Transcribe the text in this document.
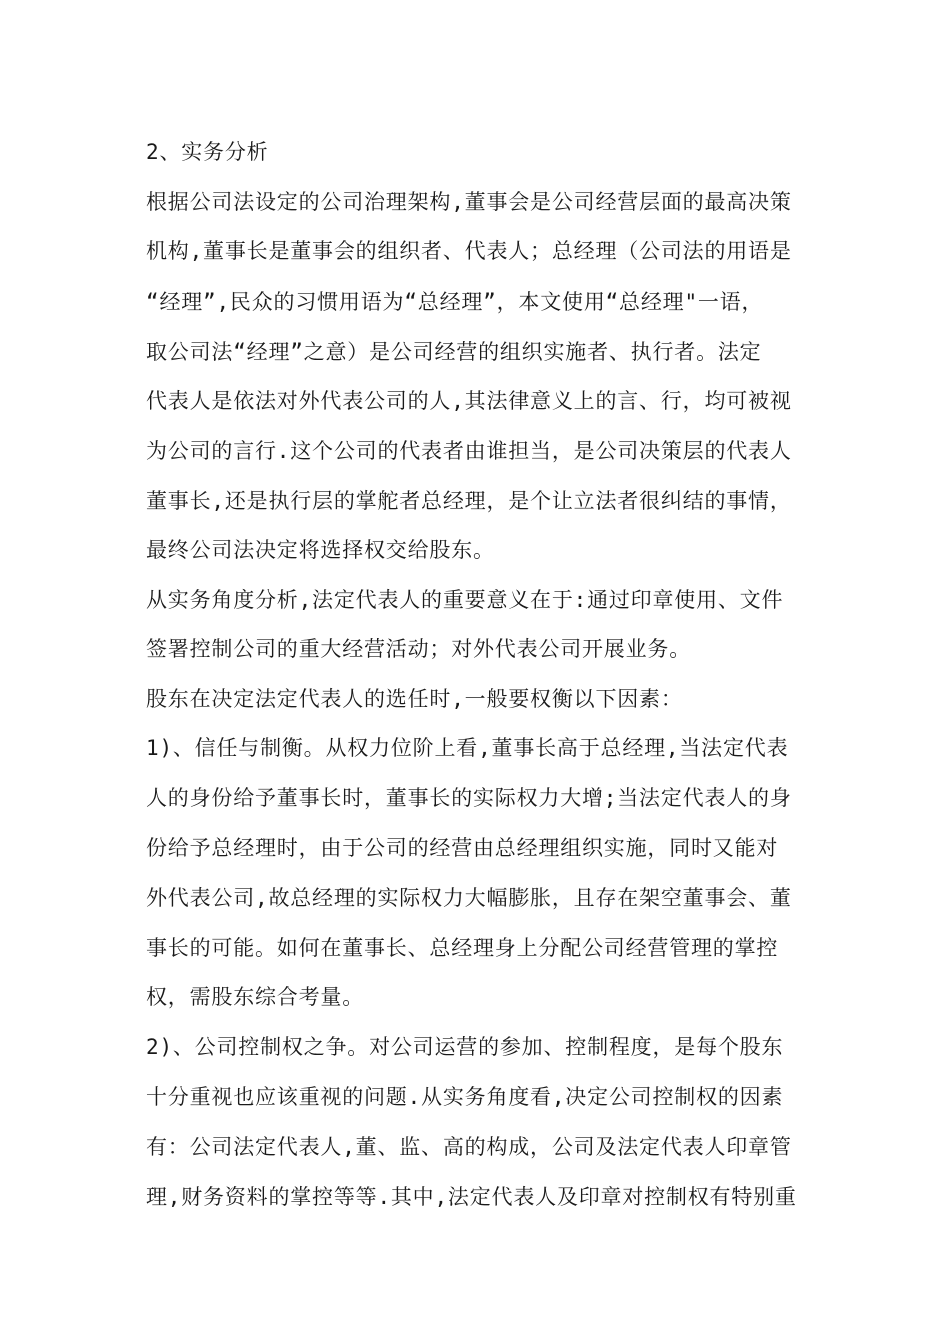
2、实务分析
根据公司法设定的公司治理架构,董事会是公司经营层面的最高决策
机构,董事长是董事会的组织者、代表人；总经理（公司法的用语是
“经理”,民众的习惯用语为“总经理”，本文使用“总经理"一语，
取公司法“经理”之意）是公司经营的组织实施者、执行者。法定
代表人是依法对外代表公司的人,其法律意义上的言、行，均可被视
为公司的言行.这个公司的代表者由谁担当，是公司决策层的代表人
董事长,还是执行层的掌舵者总经理，是个让立法者很纠结的事情，
最终公司法决定将选择权交给股东。
从实务角度分析,法定代表人的重要意义在于:通过印章使用、文件
签署控制公司的重大经营活动；对外代表公司开展业务。
股东在决定法定代表人的选任时,一般要权衡以下因素：
1)、信任与制衡。从权力位阶上看,董事长高于总经理,当法定代表
人的身份给予董事长时，董事长的实际权力大增;当法定代表人的身
份给予总经理时，由于公司的经营由总经理组织实施，同时又能对
外代表公司,故总经理的实际权力大幅膨胀，且存在架空董事会、董
事长的可能。如何在董事长、总经理身上分配公司经营管理的掌控
权，需股东综合考量。
2)、公司控制权之争。对公司运营的参加、控制程度，是每个股东
十分重视也应该重视的问题.从实务角度看,决定公司控制权的因素
有：公司法定代表人,董、监、高的构成，公司及法定代表人印章管
理,财务资料的掌控等等.其中,法定代表人及印章对控制权有特别重
